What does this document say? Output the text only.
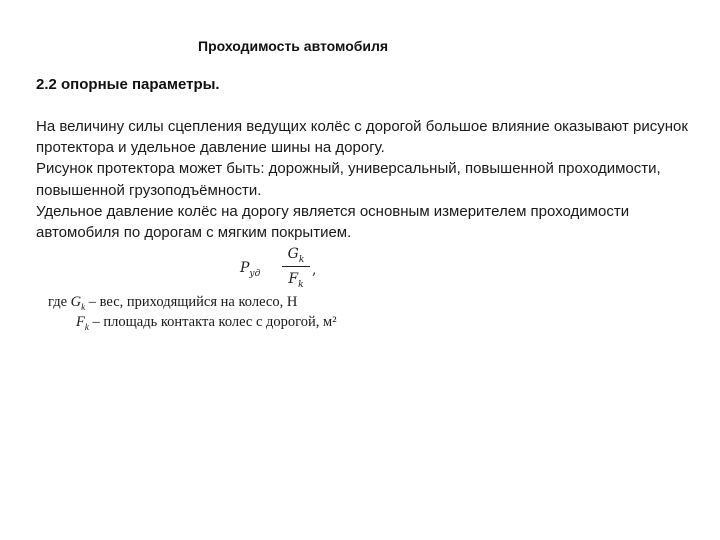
Проходимость автомобиля
2.2 опорные параметры.

На величину силы сцепления ведущих колёс с дорогой большое влияние оказывают рисунок протектора и удельное давление шины на дорогу.

Рисунок протектора может быть: дорожный, универсальный, повышенной проходимости, повышенной грузоподъёмности.

Удельное давление колёс на дорогу является основным измерителем проходимости автомобиля по дорогам с мягким покрытием.

$P_{уд}$
$G_k$
$F_k$
,
где $G_k$ – вес, приходящийся на колесо, Н
$F_k$ – площадь контакта колес с дорогой, м²
